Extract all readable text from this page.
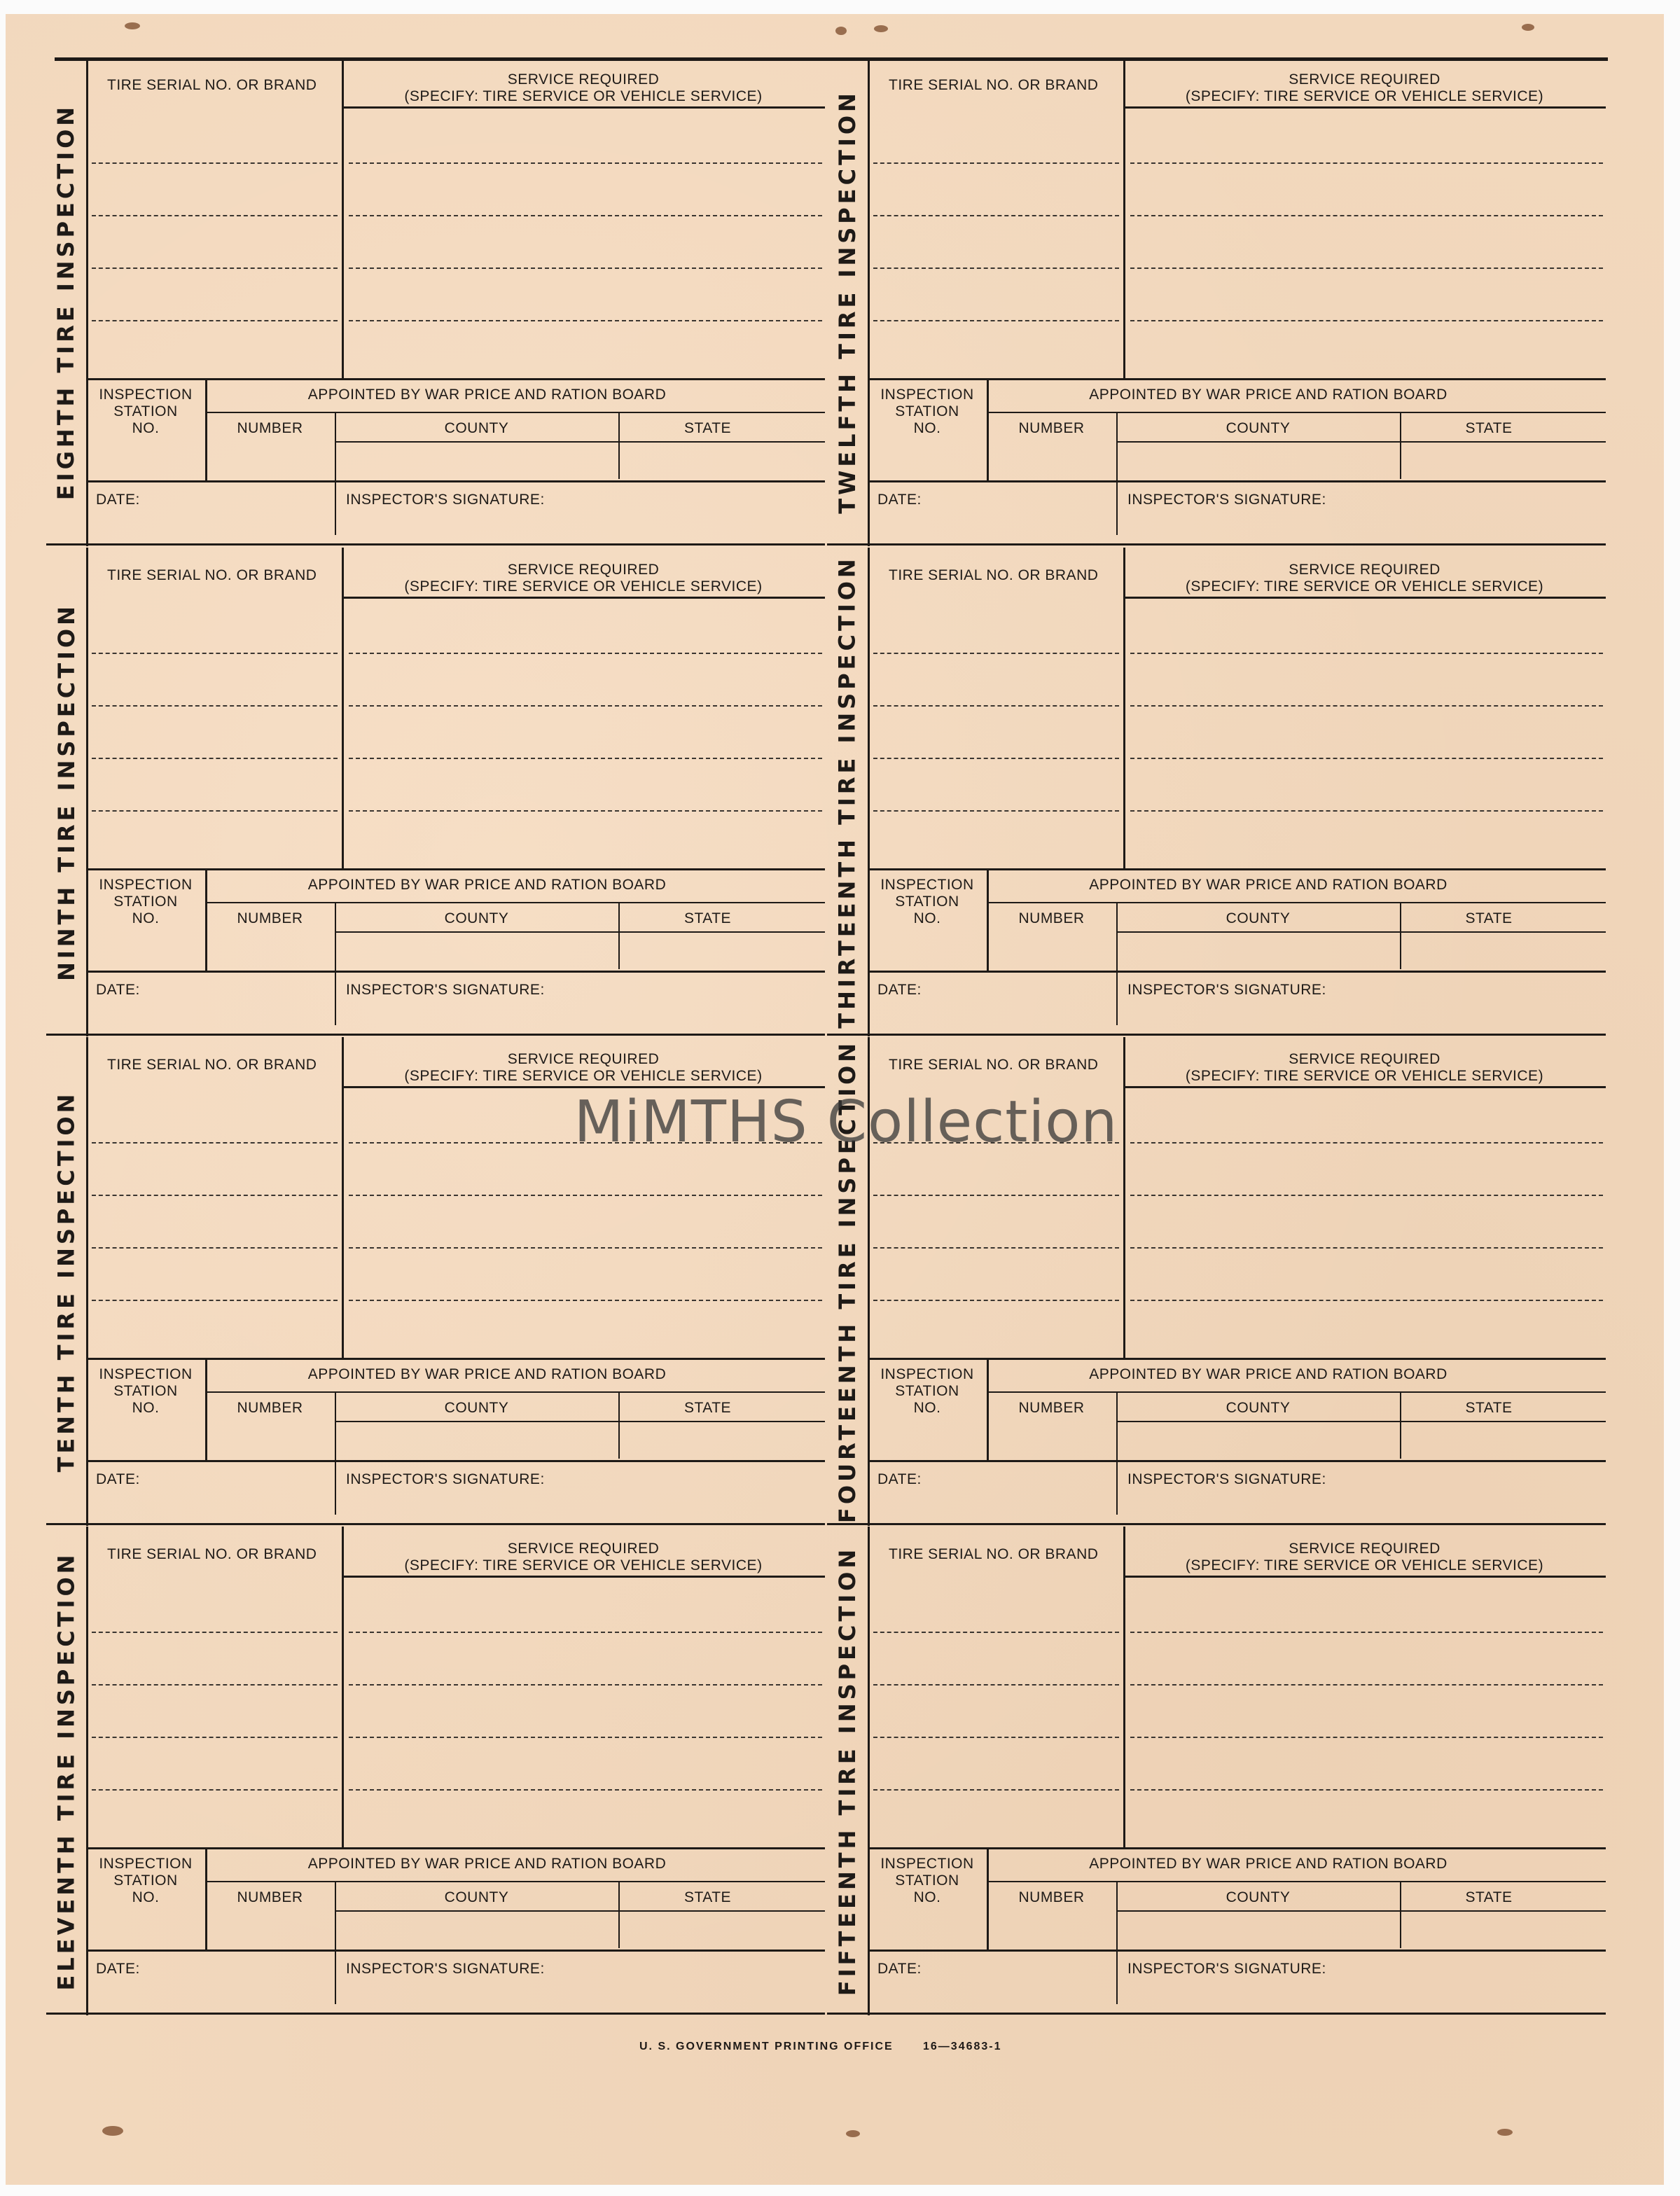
EIGHTH TIRE INSPECTION
TIRE SERIAL NO. OR BRAND	SERVICE REQUIRED
(SPECIFY: TIRE SERVICE OR VEHICLE SERVICE)
INSPECTION
STATION
NO.
APPOINTED BY WAR PRICE AND RATION BOARD
NUMBER	COUNTY	STATE
DATE:	INSPECTOR'S SIGNATURE:
NINTH TIRE INSPECTION
TIRE SERIAL NO. OR BRAND	SERVICE REQUIRED
(SPECIFY: TIRE SERVICE OR VEHICLE SERVICE)
INSPECTION
STATION
NO.
APPOINTED BY WAR PRICE AND RATION BOARD
NUMBER	COUNTY	STATE
DATE:	INSPECTOR'S SIGNATURE:
TENTH TIRE INSPECTION
TIRE SERIAL NO. OR BRAND	SERVICE REQUIRED
(SPECIFY: TIRE SERVICE OR VEHICLE SERVICE)
INSPECTION
STATION
NO.
APPOINTED BY WAR PRICE AND RATION BOARD
NUMBER	COUNTY	STATE
DATE:	INSPECTOR'S SIGNATURE:
ELEVENTH TIRE INSPECTION TIRE SERIAL NO. OR BRAND	SERVICE REQUIRED
(SPECIFY: TIRE SERVICE OR VEHICLE SERVICE)
INSPECTION
STATION
NO.
APPOINTED BY WAR PRICE AND RATION BOARD
NUMBER	COUNTY	STATE
DATE:	INSPECTOR'S SIGNATURE:
TWELFTH TIRE INSPECTION
TIRE SERIAL NO. OR BRAND	SERVICE REQUIRED
(SPECIFY: TIRE SERVICE OR VEHICLE SERVICE)
INSPECTION
STATION
NO.
APPOINTED BY WAR PRICE AND RATION BOARD
NUMBER	COUNTY	STATE
DATE:	INSPECTOR'S SIGNATURE:
THIRTEENTH TIRE INSPECTION TIRE SERIAL NO. OR BRAND	SERVICE REQUIRED
(SPECIFY: TIRE SERVICE OR VEHICLE SERVICE)
INSPECTION
STATION
NO.
APPOINTED BY WAR PRICE AND RATION BOARD
NUMBER	COUNTY	STATE
DATE:	INSPECTOR'S SIGNATURE:
FOURTEENTH TIRE INSPECTION TIRE SERIAL NO. OR BRAND	SERVICE REQUIRED
(SPECIFY: TIRE SERVICE OR VEHICLE SERVICE)
INSPECTION
STATION
NO.
APPOINTED BY WAR PRICE AND RATION BOARD
NUMBER	COUNTY	STATE
DATE:	INSPECTOR'S SIGNATURE:
FIFTEENTH TIRE INSPECTION TIRE SERIAL NO. OR BRAND	SERVICE REQUIRED
(SPECIFY: TIRE SERVICE OR VEHICLE SERVICE)
INSPECTION
STATION
NO.
APPOINTED BY WAR PRICE AND RATION BOARD
NUMBER	COUNTY	STATE
DATE:	INSPECTOR'S SIGNATURE:
U. S. GOVERNMENT PRINTING OFFICE	16—34683-1
MiMTHS Collection
